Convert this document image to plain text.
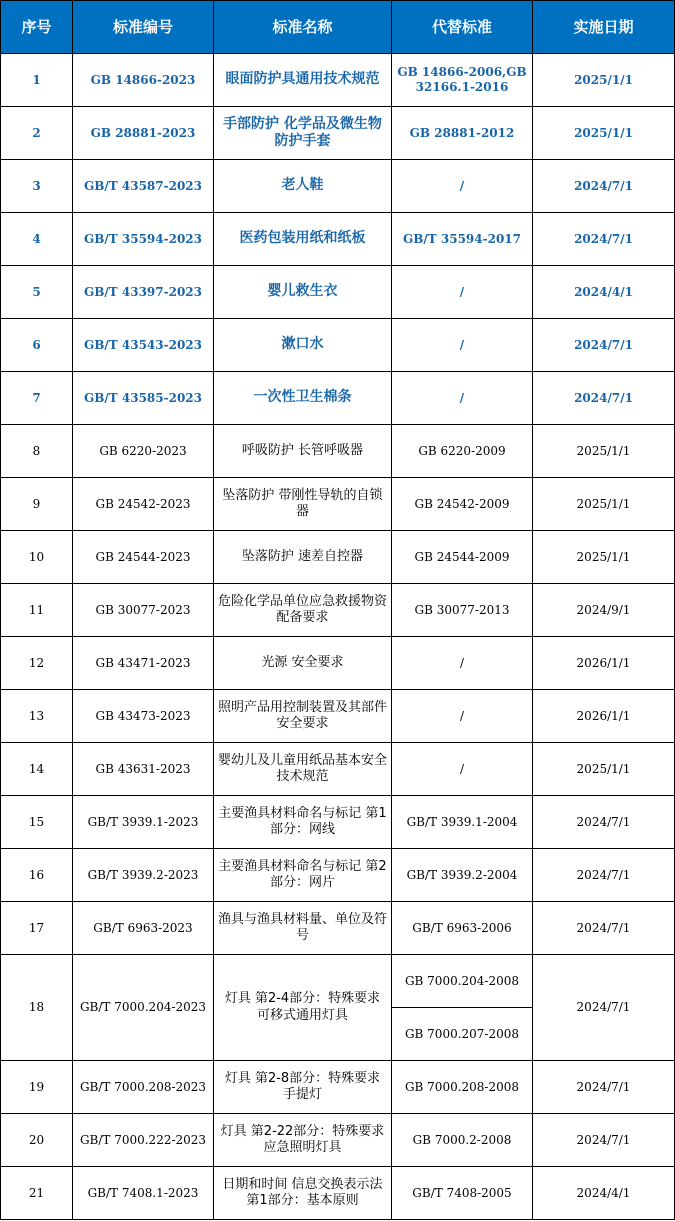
序号	标准编号	标准名称	代替标准	实施日期
1	GB 14866-2023	眼面防护具通用技术规范	GB 14866-2006,GB 32166.1-2016	2025/1/1
2	GB 28881-2023	手部防护 化学品及微生物防护手套	GB 28881-2012	2025/1/1
3	GB/T 43587-2023	老人鞋	/	2024/7/1
4	GB/T 35594-2023	医药包装用纸和纸板	GB/T 35594-2017	2024/7/1
5	GB/T 43397-2023	婴儿救生衣	/	2024/4/1
6	GB/T 43543-2023	漱口水	/	2024/7/1
7	GB/T 43585-2023	一次性卫生棉条	/	2024/7/1
8	GB 6220-2023	呼吸防护 长管呼吸器	GB 6220-2009	2025/1/1
9	GB 24542-2023	坠落防护 带刚性导轨的自锁器	GB 24542-2009	2025/1/1
10	GB 24544-2023	坠落防护 速差自控器	GB 24544-2009	2025/1/1
11	GB 30077-2023	危险化学品单位应急救援物资配备要求	GB 30077-2013	2024/9/1
12	GB 43471-2023	光源 安全要求	/	2026/1/1
13	GB 43473-2023	照明产品用控制装置及其部件 安全要求	/	2026/1/1
14	GB 43631-2023	婴幼儿及儿童用纸品基本安全技术规范	/	2025/1/1
15	GB/T 3939.1-2023	主要渔具材料命名与标记 第1部分：网线	GB/T 3939.1-2004	2024/7/1
16	GB/T 3939.2-2023	主要渔具材料命名与标记 第2部分：网片	GB/T 3939.2-2004	2024/7/1
17	GB/T 6963-2023	渔具与渔具材料量、单位及符号	GB/T 6963-2006	2024/7/1
18	GB/T 7000.204-2023	灯具 第2-4部分：特殊要求 可移式通用灯具	GB 7000.204-2008	2024/7/1
			GB 7000.207-2008	
19	GB/T 7000.208-2023	灯具 第2-8部分：特殊要求 手提灯	GB 7000.208-2008	2024/7/1
20	GB/T 7000.222-2023	灯具 第2-22部分：特殊要求 应急照明灯具	GB 7000.2-2008	2024/7/1
21	GB/T 7408.1-2023	日期和时间 信息交换表示法 第1部分：基本原则	GB/T 7408-2005	2024/4/1
